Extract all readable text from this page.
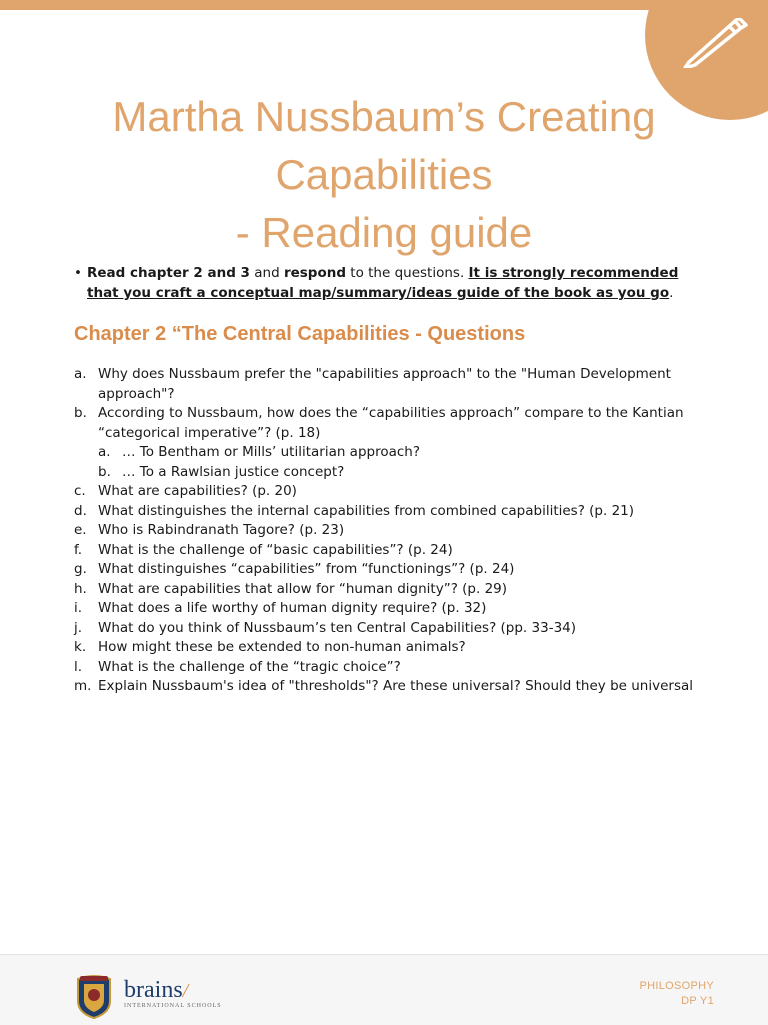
Martha Nussbaum’s Creating
Capabilities
- Reading guide
• Read chapter 2 and 3 and respond to the questions. It is strongly recommended that you craft a conceptual map/summary/ideas guide of the book as you go.
Chapter 2 “The Central Capabilities - Questions
a. Why does Nussbaum prefer the "capabilities approach" to the "Human Development approach"?
b. According to Nussbaum, how does the “capabilities approach” compare to the Kantian “categorical imperative”? (p. 18)
a. … To Bentham or Mills’ utilitarian approach?
b. … To a Rawlsian justice concept?
c. What are capabilities? (p. 20)
d. What distinguishes the internal capabilities from combined capabilities? (p. 21)
e. Who is Rabindranath Tagore? (p. 23)
f. What is the challenge of “basic capabilities”? (p. 24)
g. What distinguishes “capabilities” from “functionings”? (p. 24)
h. What are capabilities that allow for “human dignity”? (p. 29)
i. What does a life worthy of human dignity require? (p. 32)
j. What do you think of Nussbaum’s ten Central Capabilities? (pp. 33-34)
k. How might these be extended to non-human animals?
l. What is the challenge of the “tragic choice”?
m. Explain Nussbaum's idea of "thresholds"? Are these universal? Should they be universal
brains/
INTERNATIONAL SCHOOLS
PHILOSOPHY
DP Y1
